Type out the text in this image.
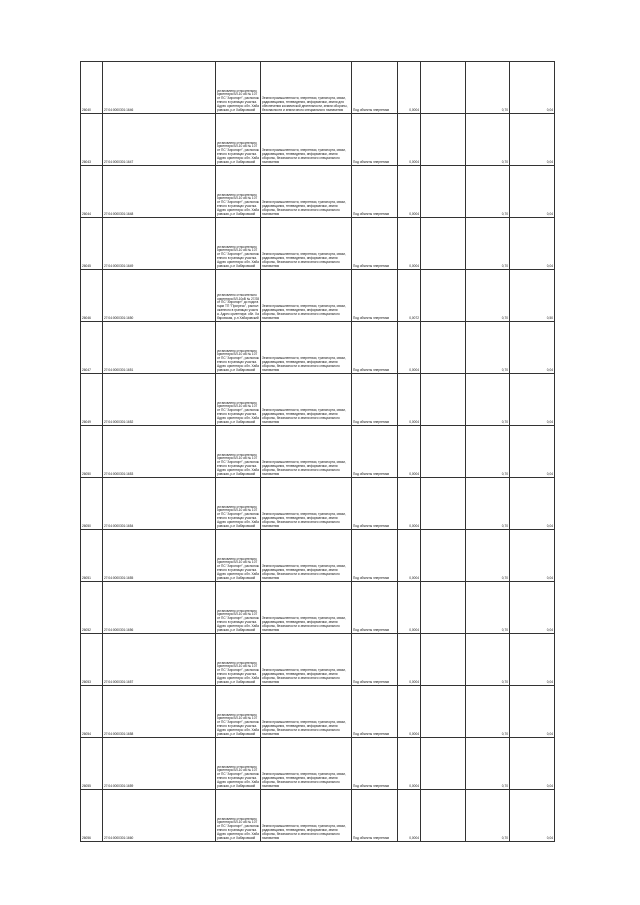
26040	27:04:0000301:1646	установлено относительно ориентира ВЛ-10 кВ № 107 от ПС "Аэропорт", расположенного в границах участка. Адрес ориентира: обл. Хабаровская, р-н Хабаровский	Земли промышленности, энергетики, транспорта, связи, радиовещания, телевидения, информатики, земли для обеспечения космической деятельности, земли обороны, безопасности и земли иного специального назначения	Под объекты энергетики	0,0004		0,70	0,04
26043	27:04:0000301:1647	установлено относительно ориентира ВЛ-10 кВ № 107 от ПС "Аэропорт", расположенного в границах участка. Адрес ориентира: обл. Хабаровская, р-н Хабаровский	Земли промышленности, энергетики, транспорта, связи, радиовещания, телевидения, информатики, земли обороны, безопасности и земли иного специального назначения	Под объекты энергетики	0,0004		0,70	0,04
26044	27:04:0000301:1648	установлено относительно ориентира ВЛ-10 кВ № 107 от ПС "Аэропорт", расположенного в границах участка. Адрес ориентира: обл. Хабаровская, р-н Хабаровский	Земли промышленности, энергетики, транспорта, связи, радиовещания, телевидения, информатики, земли обороны, безопасности и земли иного специального назначения	Под объекты энергетики	0,0004		0,70	0,04
26045	27:04:0000301:1649	установлено относительно ориентира ВЛ-10 кВ № 107 от ПС "Аэропорт", расположенного в границах участка. Адрес ориентира: обл. Хабаровская, р-н Хабаровский	Земли промышленности, энергетики, транспорта, связи, радиовещания, телевидения, информатики, земли обороны, безопасности и земли иного специального назначения	Под объекты энергетики	0,0004		0,70	0,04
26046	27:04:0000301:1650	установлено относительно ориентира ВЛ-10кВ № 27/28 от ПС "Аэропорт" до подстанции ТП "Прогресс", расположенного в границах участка. Адрес ориентира: обл. Хабаровская, р-н Хабаровский	Земли промышленности, энергетики, транспорта, связи, радиовещания, телевидения, информатики, земли обороны, безопасности и земли иного специального назначения	Под объекты энергетики	0,0072		0,70	0,50
26047	27:04:0000301:1651	установлено относительно ориентира ВЛ-10 кВ № 107 от ПС "Аэропорт", расположенного в границах участка. Адрес ориентира: обл. Хабаровская, р-н Хабаровский	Земли промышленности, энергетики, транспорта, связи, радиовещания, телевидения, информатики, земли обороны, безопасности и земли иного специального назначения	Под объекты энергетики	0,0004		0,70	0,04
26049	27:04:0000301:1652	установлено относительно ориентира ВЛ-10 кВ № 107 от ПС "Аэропорт", расположенного в границах участка. Адрес ориентира: обл. Хабаровская, р-н Хабаровский	Земли промышленности, энергетики, транспорта, связи, радиовещания, телевидения, информатики, земли обороны, безопасности и земли иного специального назначения	Под объекты энергетики	0,0004		0,70	0,04
26050	27:04:0000301:1653	установлено относительно ориентира ВЛ-10 кВ № 107 от ПС "Аэропорт", расположенного в границах участка. Адрес ориентира: обл. Хабаровская, р-н Хабаровский	Земли промышленности, энергетики, транспорта, связи, радиовещания, телевидения, информатики, земли обороны, безопасности и земли иного специального назначения	Под объекты энергетики	0,0004		0,70	0,04
26050	27:04:0000301:1654	установлено относительно ориентира ВЛ-10 кВ № 107 от ПС "Аэропорт", расположенного в границах участка. Адрес ориентира: обл. Хабаровская, р-н Хабаровский	Земли промышленности, энергетики, транспорта, связи, радиовещания, телевидения, информатики, земли обороны, безопасности и земли иного специального назначения	Под объекты энергетики	0,0004		0,70	0,04
26051	27:04:0000301:1655	установлено относительно ориентира ВЛ-10 кВ № 107 от ПС "Аэропорт", расположенного в границах участка. Адрес ориентира: обл. Хабаровская, р-н Хабаровский	Земли промышленности, энергетики, транспорта, связи, радиовещания, телевидения, информатики, земли обороны, безопасности и земли иного специального назначения	Под объекты энергетики	0,0004		0,70	0,04
26052	27:04:0000301:1656	установлено относительно ориентира ВЛ-10 кВ № 107 от ПС "Аэропорт", расположенного в границах участка. Адрес ориентира: обл. Хабаровская, р-н Хабаровский	Земли промышленности, энергетики, транспорта, связи, радиовещания, телевидения, информатики, земли обороны, безопасности и земли иного специального назначения	Под объекты энергетики	0,0004		0,70	0,04
26053	27:04:0000301:1657	установлено относительно ориентира ВЛ-10 кВ № 107 от ПС "Аэропорт", расположенного в границах участка. Адрес ориентира: обл. Хабаровская, р-н Хабаровский	Земли промышленности, энергетики, транспорта, связи, радиовещания, телевидения, информатики, земли обороны, безопасности и земли иного специального назначения	Под объекты энергетики	0,0004		0,70	0,04
26054	27:04:0000301:1658	установлено относительно ориентира ВЛ-10 кВ № 107 от ПС "Аэропорт", расположенного в границах участка. Адрес ориентира: обл. Хабаровская, р-н Хабаровский	Земли промышленности, энергетики, транспорта, связи, радиовещания, телевидения, информатики, земли обороны, безопасности и земли иного специального назначения	Под объекты энергетики	0,0004		0,70	0,04
26055	27:04:0000301:1659	установлено относительно ориентира ВЛ-10 кВ № 107 от ПС "Аэропорт", расположенного в границах участка. Адрес ориентира: обл. Хабаровская, р-н Хабаровский	Земли промышленности, энергетики, транспорта, связи, радиовещания, телевидения, информатики, земли обороны, безопасности и земли иного специального назначения	Под объекты энергетики	0,0004		0,70	0,04
26056	27:04:0000301:1660	установлено относительно ориентира ВЛ-10 кВ № 107 от ПС "Аэропорт", расположенного в границах участка. Адрес ориентира: обл. Хабаровская, р-н Хабаровский	Земли промышленности, энергетики, транспорта, связи, радиовещания, телевидения, информатики, земли обороны, безопасности и земли иного специального назначения	Под объекты энергетики	0,0004		0,70	0,04
